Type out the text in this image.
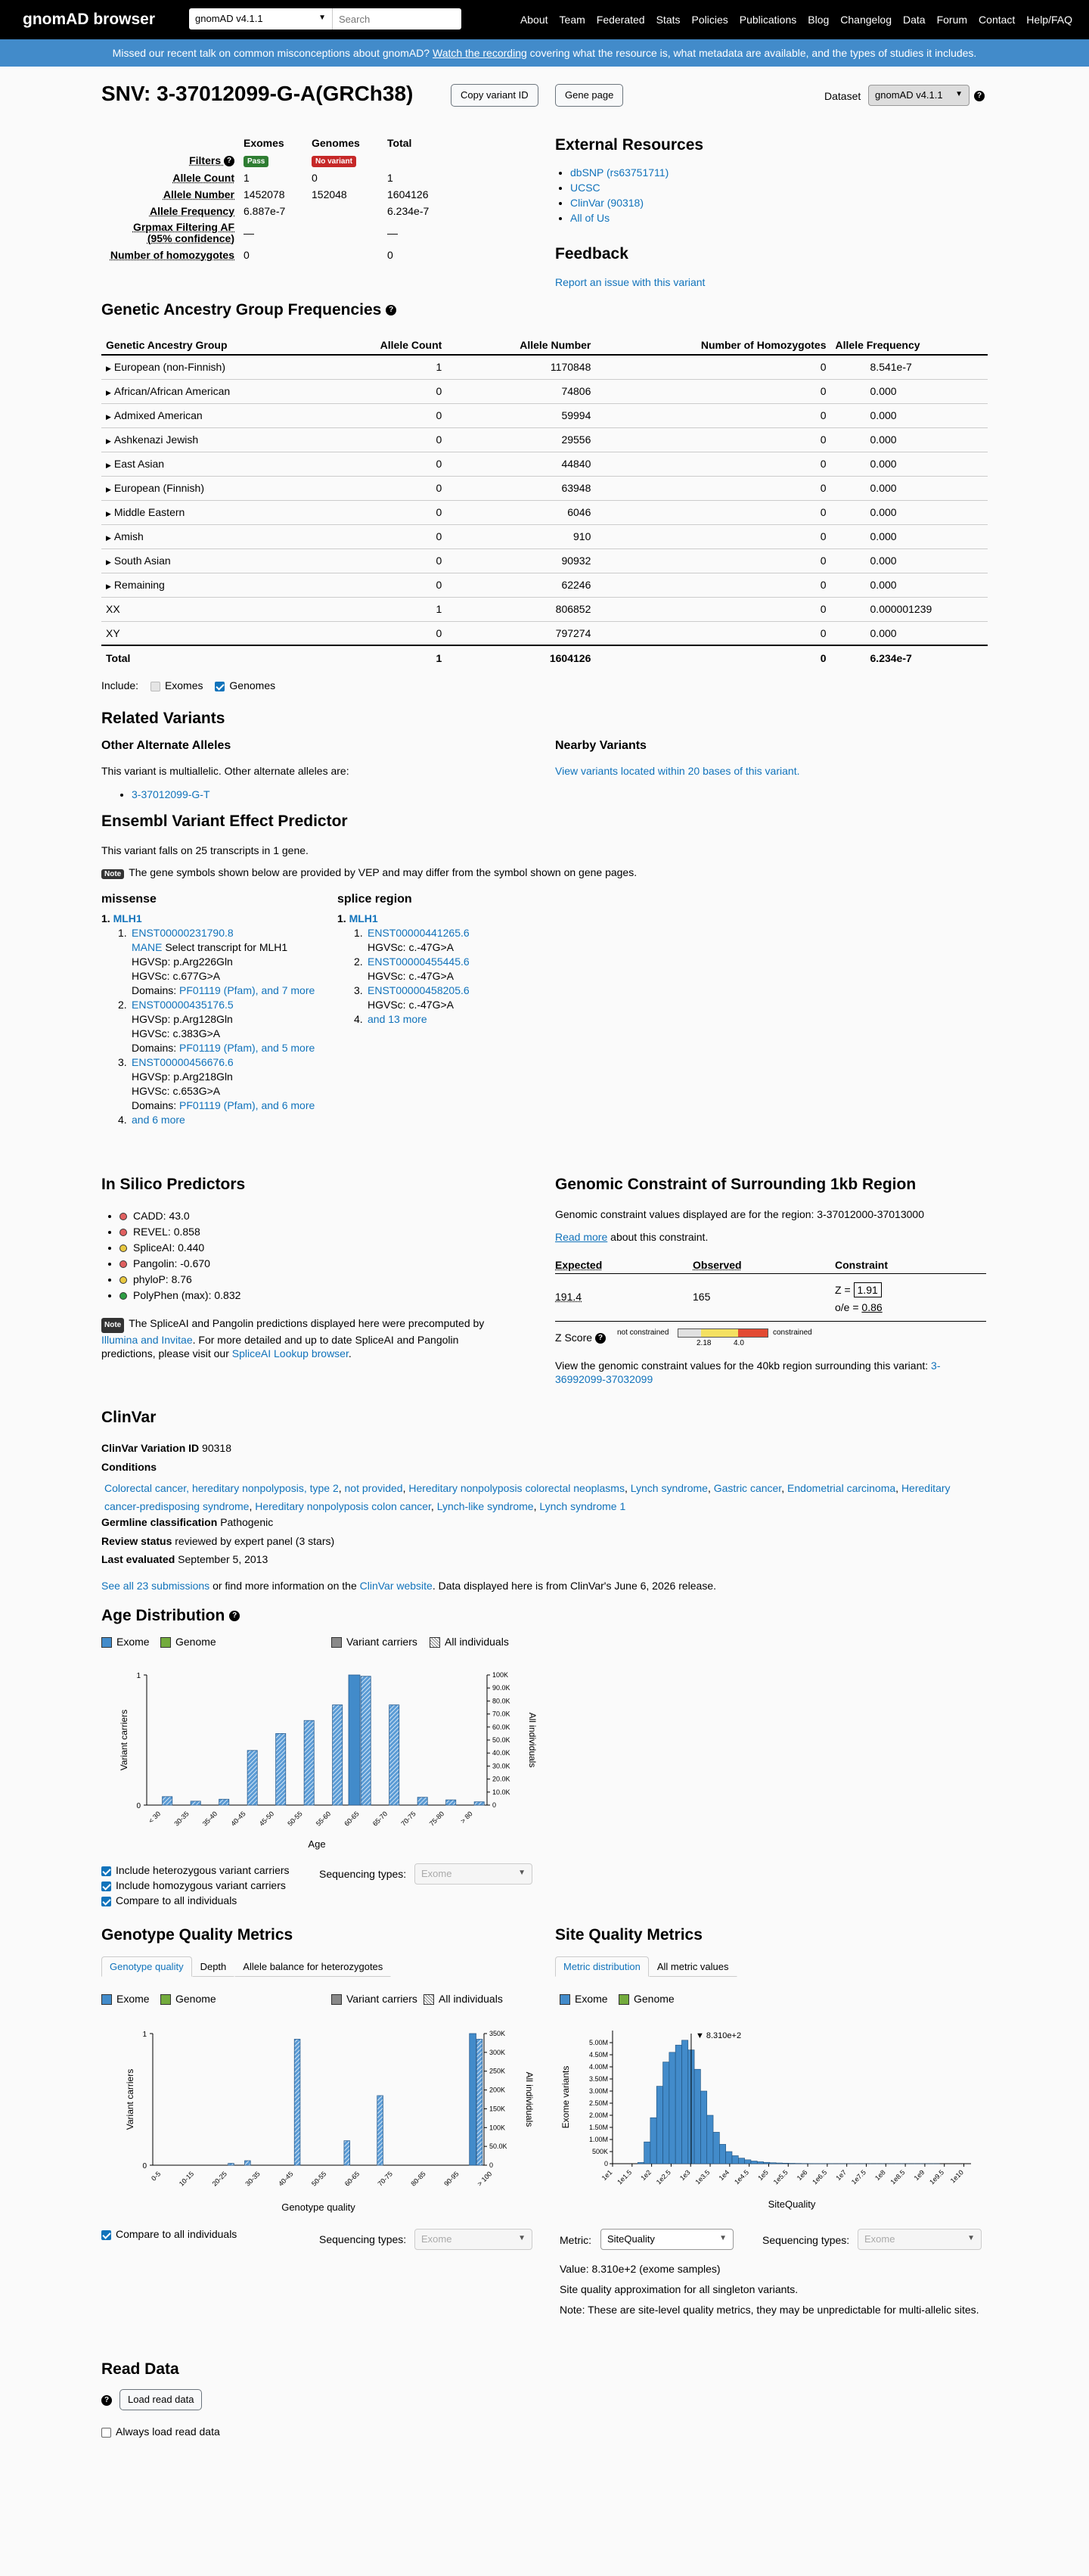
gnomAD browser	gnomAD v4.1.1	▼
Search	About Team Federated Stats Policies Publications Blog Changelog Data Forum Contact Help/FAQ
Missed our recent talk on common misconceptions about gnomAD? Watch the recording covering what the resource is, what metadata are available, and the types of studies it includes.
SNV: 3-37012099-G-A(GRCh38)	Copy variant ID	Gene page	Dataset	gnomAD v4.1.1 ▼	?
	Exomes	Genomes	Total
Filters ?	Pass	No variant	
Allele Count	1	0	1
Allele Number	1452078	152048	1604126
Allele Frequency	6.887e-7		6.234e-7

Grpmax Filtering AF
(95% confidence)	—		—
Number of homozygotes	0		0
External Resources
• dbSNP (rs63751711)
• UCSC
• ClinVar (90318)
• All of Us
Feedback
Report an issue with this variant
Genetic Ancestry Group Frequencies ?
Genetic Ancestry Group	Allele Count	Allele Number	Number of Homozygotes	Allele Frequency
▶ European (non-Finnish)	1	1170848	0	8.541e-7
▶ African/African American	0	74806	0	0.000
▶ Admixed American	0	59994	0	0.000
▶ Ashkenazi Jewish	0	29556	0	0.000
▶ East Asian	0	44840	0	0.000
▶ European (Finnish)	0	63948	0	0.000
▶ Middle Eastern	0	6046	0	0.000
▶ Amish	0	910	0	0.000
▶ South Asian	0	90932	0	0.000
▶ Remaining	0	62246	0	0.000
XX	1	806852	0	0.000001239
XY	0	797274	0	0.000
Total	1	1604126	0	6.234e-7
Include: Exomes Genomes
Related Variants
Other Alternate Alleles
This variant is multiallelic. Other alternate alleles are:
• 3-37012099-G-T
Nearby Variants
View variants located within 20 bases of this variant.
Ensembl Variant Effect Predictor
This variant falls on 25 transcripts in 1 gene.
Note The gene symbols shown below are provided by VEP and may differ from the symbol shown on gene pages.
missense
1. MLH1
1. ENST00000231790.8
MANE Select transcript for MLH1
HGVSp: p.Arg226Gln
HGVSc: c.677G>A
Domains: PF01119 (Pfam), and 7 more
2. ENST00000435176.5
HGVSp: p.Arg128Gln
HGVSc: c.383G>A
Domains: PF01119 (Pfam), and 5 more
3. ENST00000456676.6
HGVSp: p.Arg218Gln
HGVSc: c.653G>A
Domains: PF01119 (Pfam), and 6 more
4. and 6 more
splice region
1. MLH1
1. ENST00000441265.6
HGVSc: c.-47G>A
2. ENST00000455445.6
HGVSc: c.-47G>A
3. ENST00000458205.6
HGVSc: c.-47G>A
4. and 13 more
In Silico Predictors
• CADD: 43.0
• REVEL: 0.858
• SpliceAI: 0.440
• Pangolin: -0.670
• phyloP: 8.76
• PolyPhen (max): 0.832
Note The SpliceAI and Pangolin predictions displayed here were precomputed by Illumina and Invitae. For more detailed and up to date SpliceAI and Pangolin predictions, please visit our SpliceAI Lookup browser.
Genomic Constraint of Surrounding 1kb Region
Genomic constraint values displayed are for the region: 3-37012000-37013000
Read more about this constraint.
Expected	Observed	Constraint
191.4	165
Z = 1.91
o/e = 0.86
Z Score ?
not constrained	constrained
2.18	4.0
View the genomic constraint values for the 40kb region surrounding this variant: 3-36992099-37032099
ClinVar
ClinVar Variation ID 90318
Conditions
Colorectal cancer, hereditary nonpolyposis, type 2, not provided, Hereditary nonpolyposis colorectal neoplasms, Lynch syndrome, Gastric cancer, Endometrial carcinoma, Hereditary cancer-predisposing syndrome, Hereditary nonpolyposis colon cancer, Lynch-like syndrome, Lynch syndrome 1
Germline classification Pathogenic
Review status reviewed by expert panel (3 stars)
Last evaluated September 5, 2013
See all 23 submissions or find more information on the ClinVar website. Data displayed here is from ClinVar's June 6, 2026 release.
Age Distribution ?
Exome	Genome	Variant carriers	All individuals
0
1
0
10.0K
20.0K
30.0K
40.0K
50.0K
60.0K
70.0K
80.0K
90.0K
100K
< 30 30-35 35-40 40-45 45-50 50-55 55-60 60-65 65-70 70-75 75-80 > 80
Variant carriers	All individuals
Age
Include heterozygous variant carriers
Include homozygous variant carriers
Compare to all individuals
Sequencing types:	Exome	▼
Genotype Quality Metrics
Genotype quality	Depth	Allele balance for heterozygotes
Exome	Genome	Variant carriers	All individuals
0
1
0
50.0K
100K
150K
200K
250K
300K
350K
0-5 10-15 20-25 30-35 40-45 50-55 60-65 70-75 80-85 90-95 > 100
Variant carriers	All individuals
Genotype quality
Compare to all individuals	Sequencing types:	Exome	▼
Site Quality Metrics
Metric distribution	All metric values
Exome	Genome
0
500K
1.00M
1.50M
2.00M
2.50M
3.00M
3.50M
4.00M
4.50M
5.00M
▼ 8.310e+2
1e1 1e1.5 1e2 1e2.5 1e3 1e3.5 1e4 1e4.5 1e5 1e5.5 1e6 1e6.5 1e7 1e7.5 1e8 1e8.5 1e9 1e9.5 1e10
Exome variants
SiteQuality
Metric:	SiteQuality	▼	Sequencing types:	Exome	▼
Value: 8.310e+2 (exome samples)
Site quality approximation for all singleton variants.
Note: These are site-level quality metrics, they may be unpredictable for multi-allelic sites.
Read Data
?	Load read data
Always load read data
